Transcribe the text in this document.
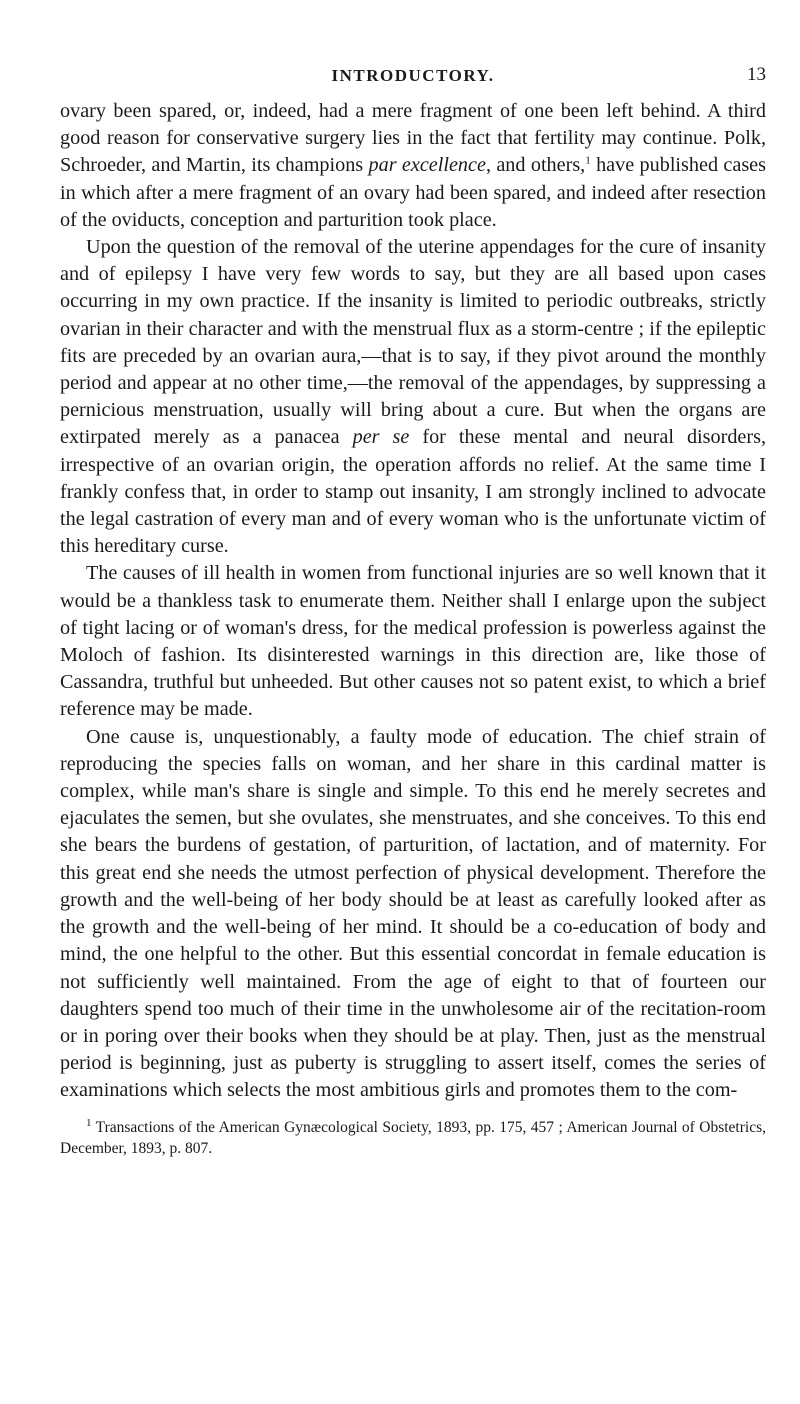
INTRODUCTORY.	13

ovary been spared, or, indeed, had a mere fragment of one been left behind. A third good reason for conservative surgery lies in the fact that fertility may continue. Polk, Schroeder, and Martin, its champions par excellence, and others,$^1$ have published cases in which after a mere fragment of an ovary had been spared, and indeed after resection of the oviducts, conception and parturition took place.

Upon the question of the removal of the uterine appendages for the cure of insanity and of epilepsy I have very few words to say, but they are all based upon cases occurring in my own practice. If the insanity is limited to periodic outbreaks, strictly ovarian in their character and with the menstrual flux as a storm-centre ; if the epileptic fits are preceded by an ovarian aura,—that is to say, if they pivot around the monthly period and appear at no other time,—the removal of the appendages, by suppressing a pernicious menstruation, usually will bring about a cure. But when the organs are extirpated merely as a panacea per se for these mental and neural disorders, irrespective of an ovarian origin, the operation affords no relief. At the same time I frankly confess that, in order to stamp out insanity, I am strongly inclined to advocate the legal castration of every man and of every woman who is the unfortunate victim of this hereditary curse.

The causes of ill health in women from functional injuries are so well known that it would be a thankless task to enumerate them. Neither shall I enlarge upon the subject of tight lacing or of woman's dress, for the medical profession is powerless against the Moloch of fashion. Its disinterested warnings in this direction are, like those of Cassandra, truthful but unheeded. But other causes not so patent exist, to which a brief reference may be made.

One cause is, unquestionably, a faulty mode of education. The chief strain of reproducing the species falls on woman, and her share in this cardinal matter is complex, while man's share is single and simple. To this end he merely secretes and ejaculates the semen, but she ovulates, she menstruates, and she conceives. To this end she bears the burdens of gestation, of parturition, of lactation, and of maternity. For this great end she needs the utmost perfection of physical development. Therefore the growth and the well-being of her body should be at least as carefully looked after as the growth and the well-being of her mind. It should be a co-education of body and mind, the one helpful to the other. But this essential concordat in female education is not sufficiently well maintained. From the age of eight to that of fourteen our daughters spend too much of their time in the unwholesome air of the recitation-room or in poring over their books when they should be at play. Then, just as the menstrual period is beginning, just as puberty is struggling to assert itself, comes the series of examinations which selects the most ambitious girls and promotes them to the com-

$^1$ Transactions of the American Gynæcological Society, 1893, pp. 175, 457 ; American Journal of Obstetrics, December, 1893, p. 807.
